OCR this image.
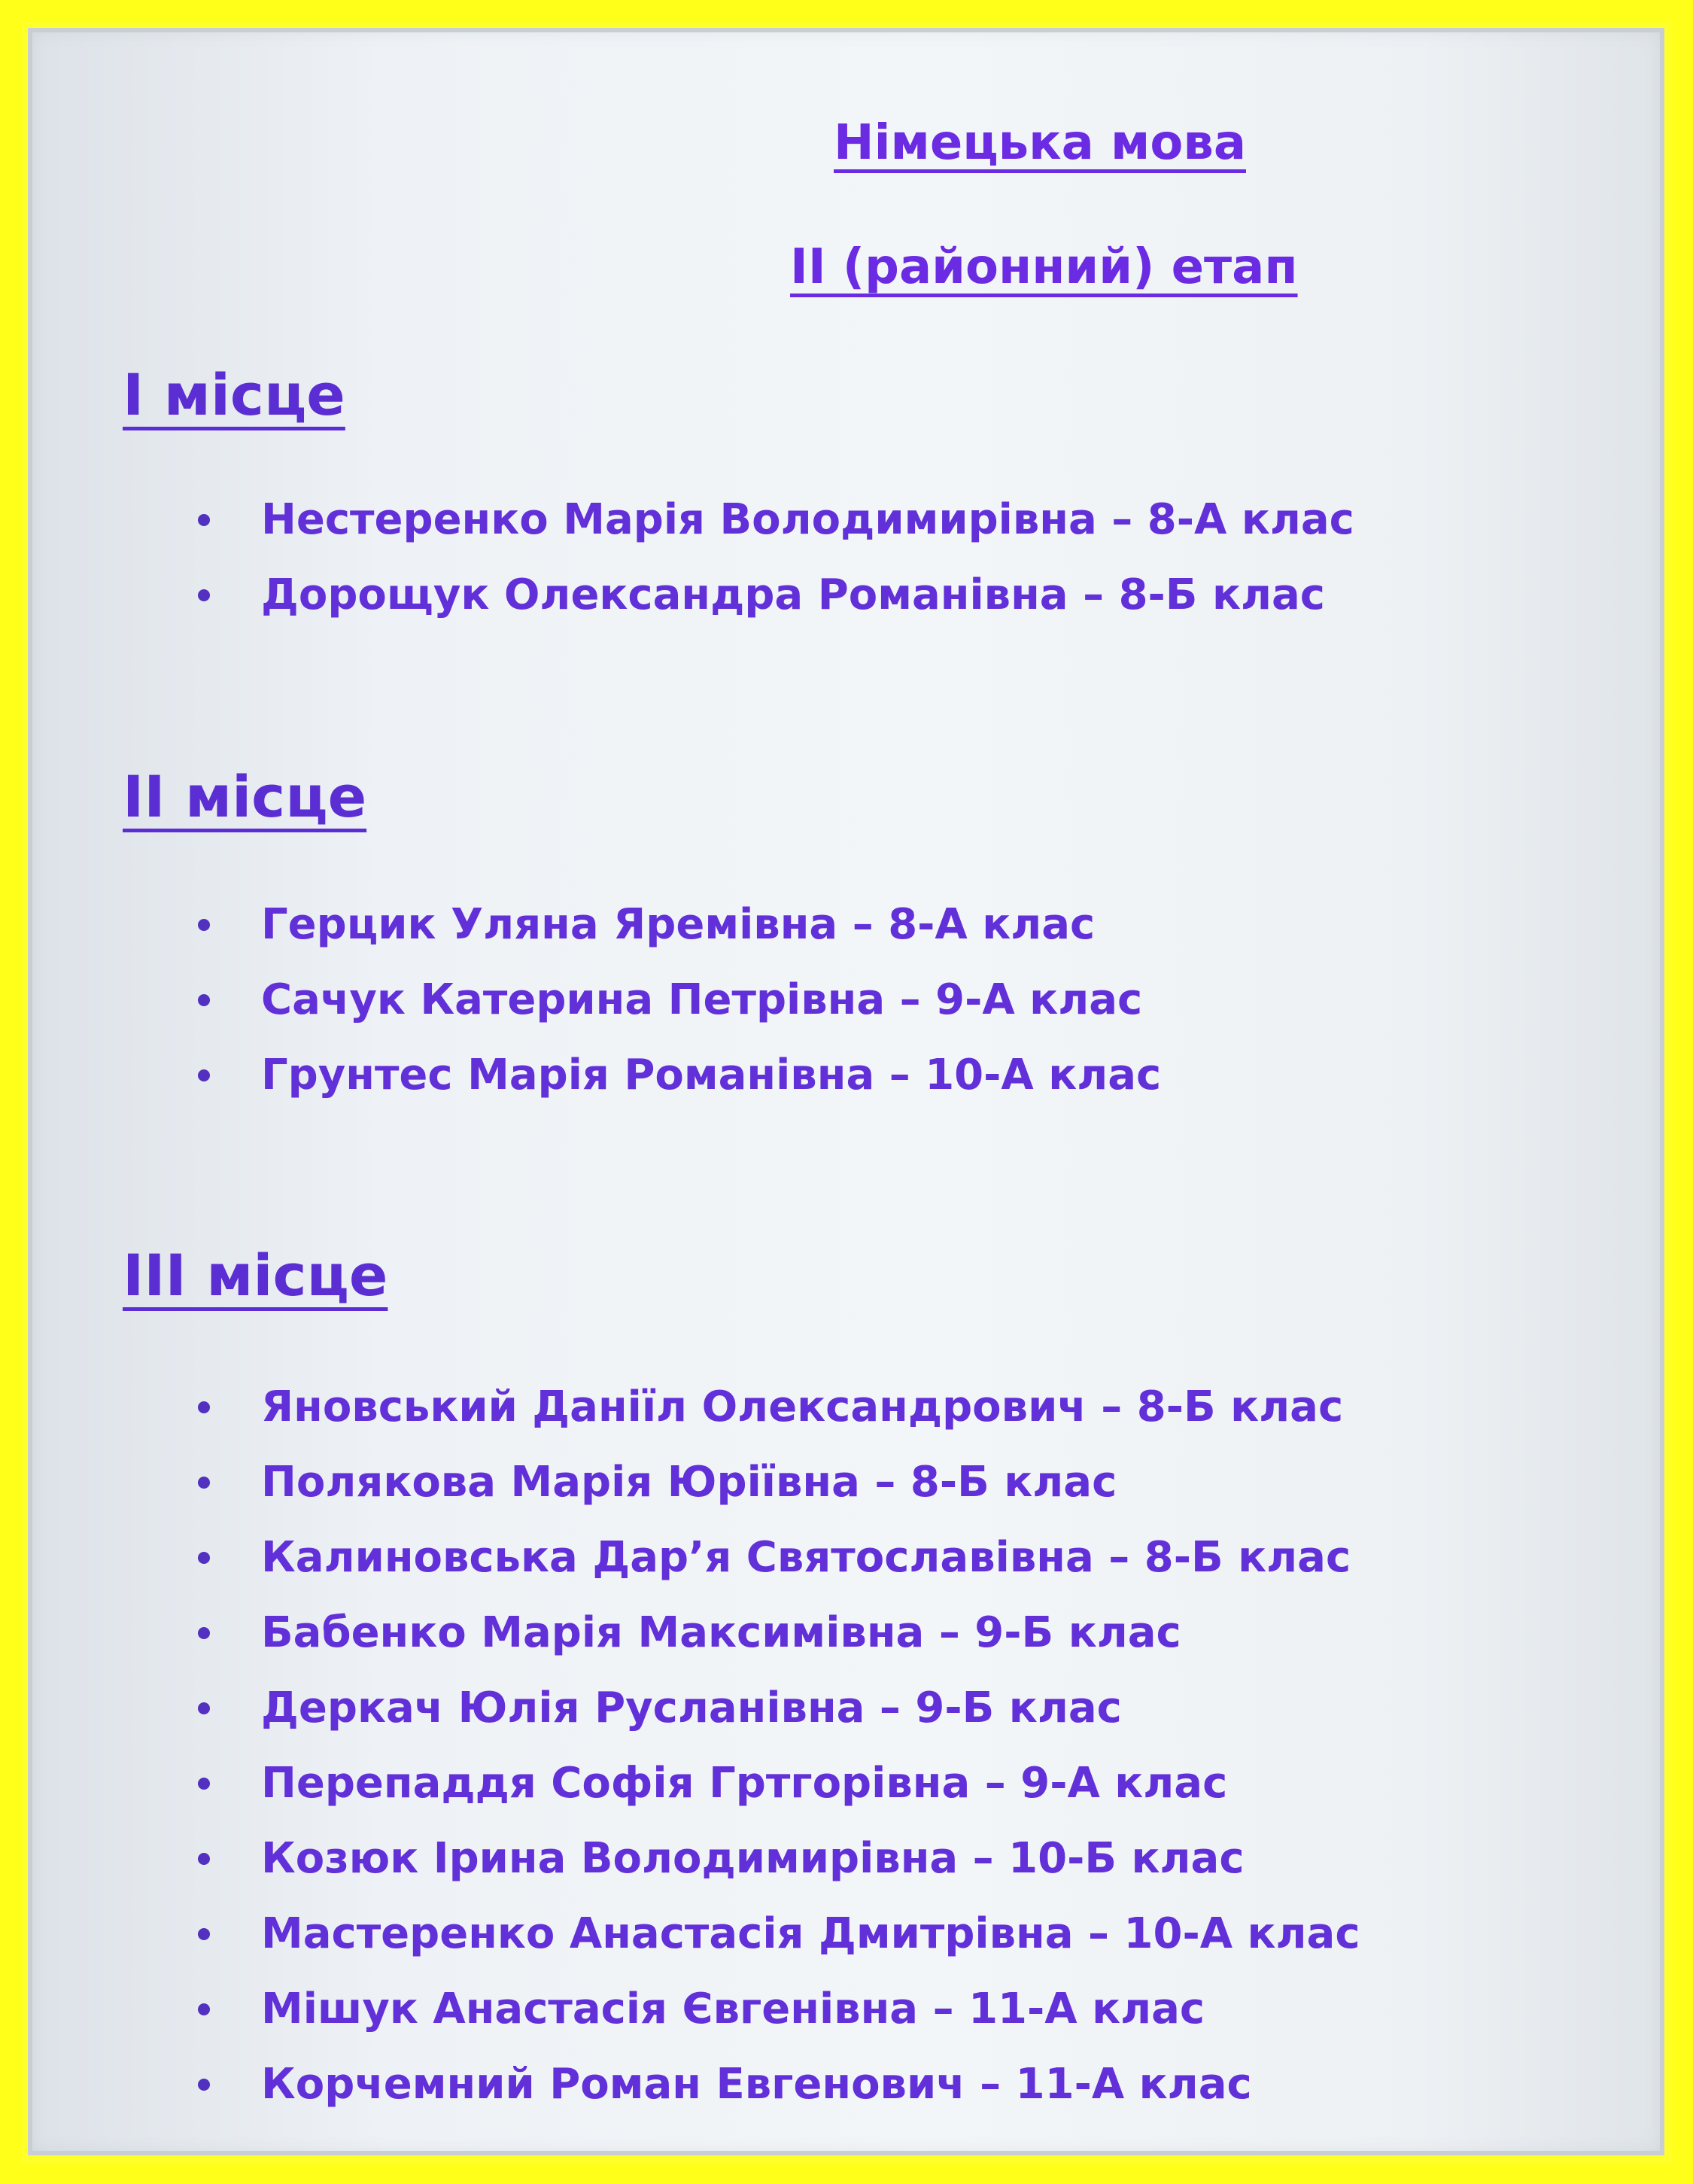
Німецька мова
II (районний) етап
I місце
Нестеренко Марія Володимирівна – 8-А клас
Дорощук Олександра Романівна – 8-Б клас
II місце
Герцик Уляна Яремівна – 8-А клас
Сачук Катерина Петрівна – 9-А клас
Грунтес Марія Романівна – 10-А клас
III місце
Яновський Даніїл Олександрович – 8-Б клас
Полякова Марія Юріївна – 8-Б клас
Калиновська Дар’я Святославівна – 8-Б клас
Бабенко Марія Максимівна – 9-Б клас
Деркач Юлія Русланівна – 9-Б клас
Перепаддя Софія Гртгорівна – 9-А клас
Козюк Ірина Володимирівна – 10-Б клас
Мастеренко Анастасія Дмитрівна – 10-А клас
Мішук Анастасія Євгенівна – 11-А клас
Корчемний Роман Евгенович – 11-А клас
